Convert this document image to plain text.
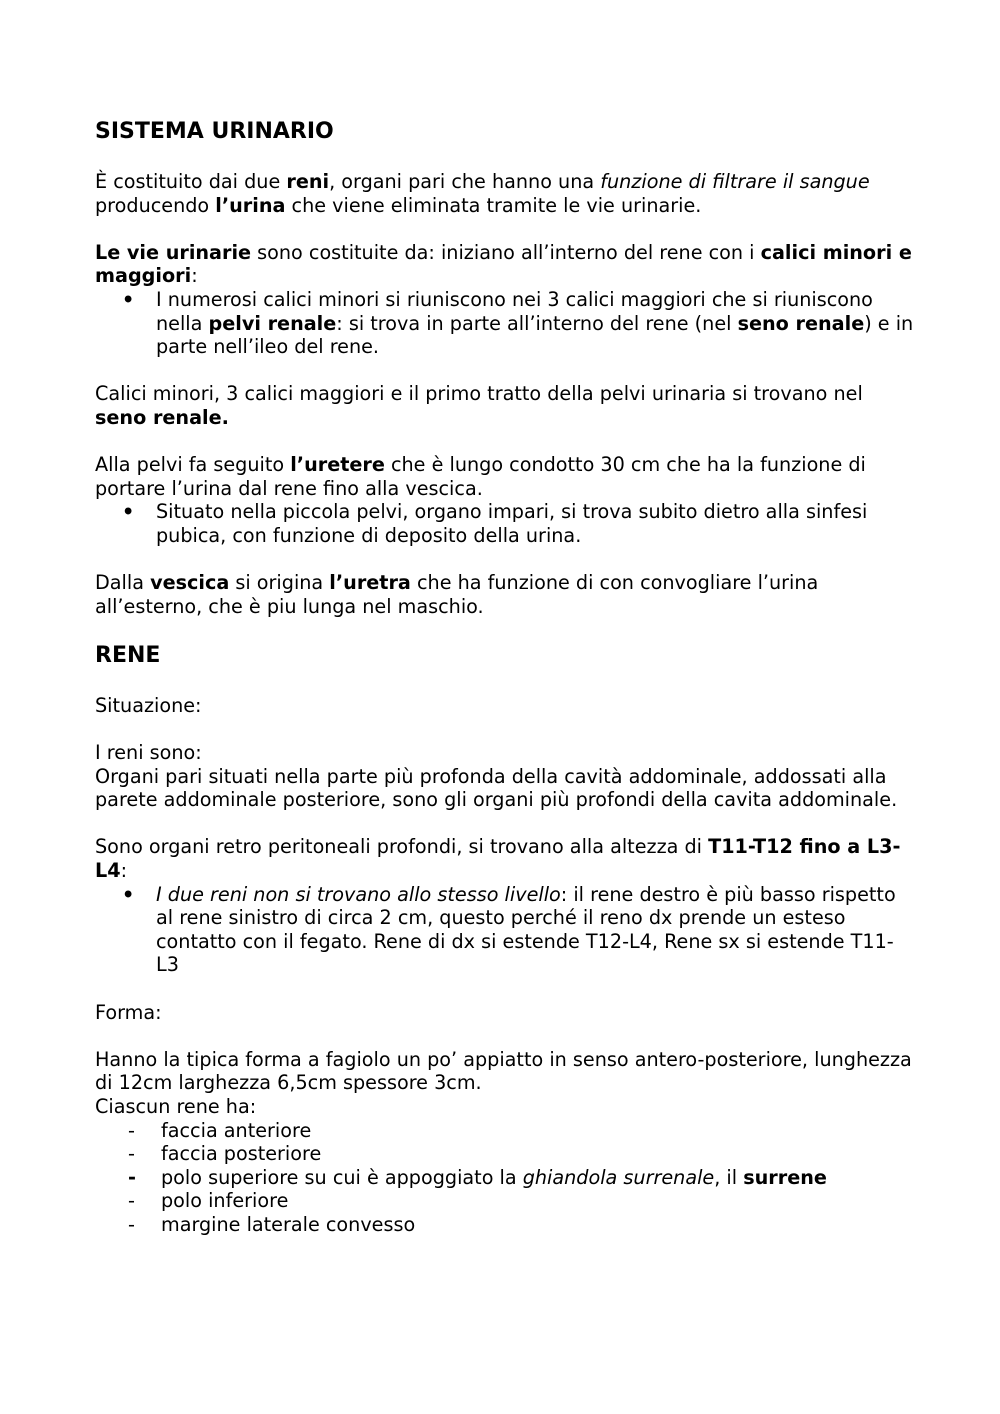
SISTEMA URINARIO

È costituito dai due reni, organi pari che hanno una funzione di filtrare il sangue producendo l’urina che viene eliminata tramite le vie urinarie.

Le vie urinarie sono costituite da: iniziano all’interno del rene con i calici minori e maggiori:

• I numerosi calici minori si riuniscono nei 3 calici maggiori che si riuniscono nella pelvi renale: si trova in parte all’interno del rene (nel seno renale) e in parte nell’ileo del rene.

Calici minori, 3 calici maggiori e il primo tratto della pelvi urinaria si trovano nel seno renale.

Alla pelvi fa seguito l’uretere che è lungo condotto 30 cm che ha la funzione di portare l’urina dal rene fino alla vescica.

• Situato nella piccola pelvi, organo impari, si trova subito dietro alla sinfesi pubica, con funzione di deposito della urina.

Dalla vescica si origina l’uretra che ha funzione di con convogliare l’urina all’esterno, che è piu lunga nel maschio.

RENE

Situazione:

I reni sono:

Organi pari situati nella parte più profonda della cavità addominale, addossati alla parete addominale posteriore, sono gli organi più profondi della cavita addominale.

Sono organi retro peritoneali profondi, si trovano alla altezza di T11-T12 fino a L3-L4:

• I due reni non si trovano allo stesso livello: il rene destro è più basso rispetto al rene sinistro di circa 2 cm, questo perché il reno dx prende un esteso contatto con il fegato. Rene di dx si estende T12-L4, Rene sx si estende T11-L3

Forma:

Hanno la tipica forma a fagiolo un po’ appiatto in senso antero-posteriore, lunghezza di 12cm larghezza 6,5cm spessore 3cm.

Ciascun rene ha:

- faccia anteriore
- faccia posteriore
- polo superiore su cui è appoggiato la ghiandola surrenale, il surrene
- polo inferiore
- margine laterale convesso
